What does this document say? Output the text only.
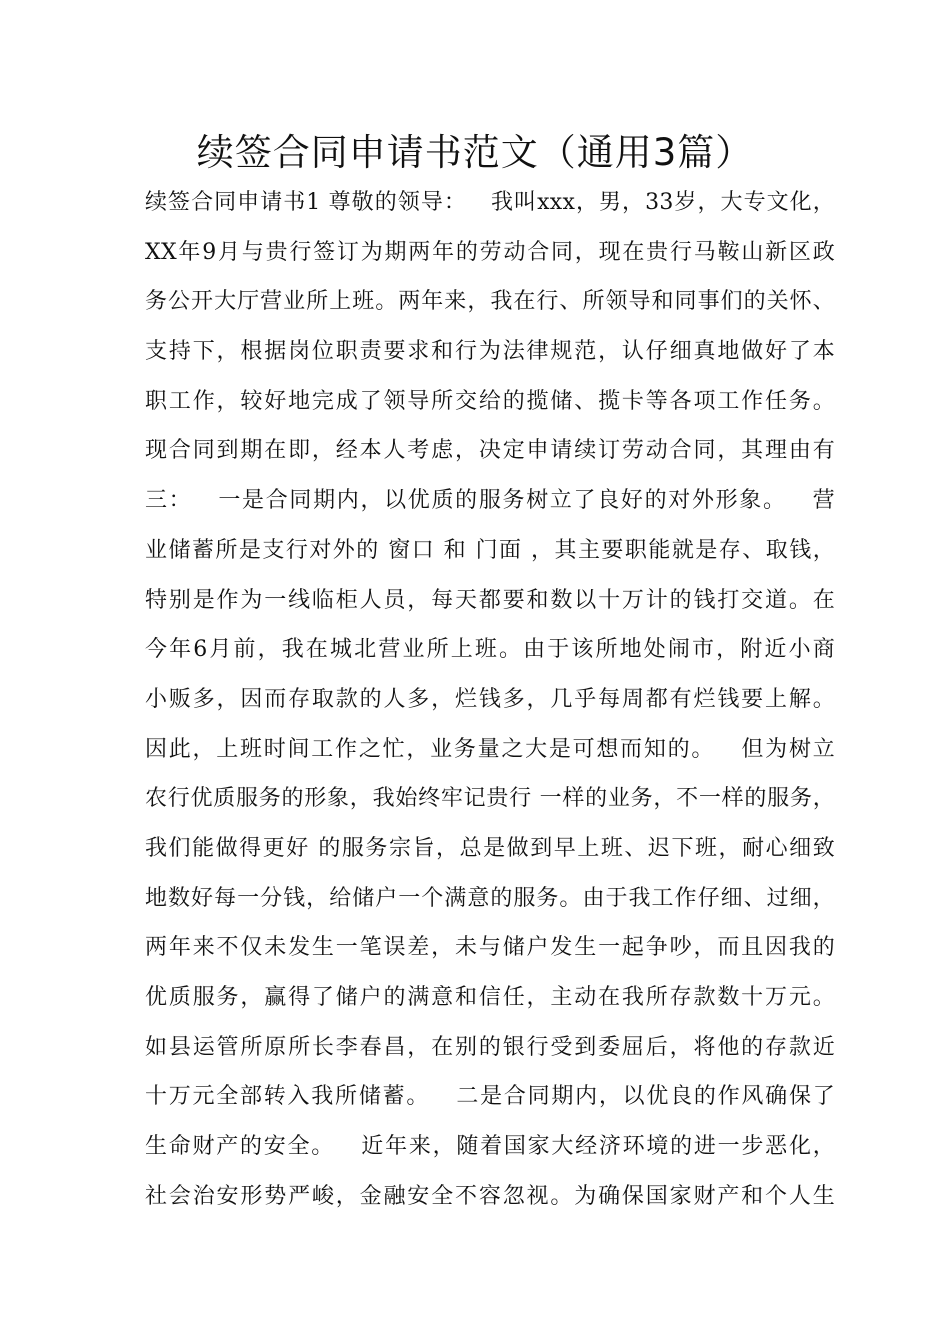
续签合同申请书范文（通用3篇）

续签合同申请书1 尊敬的领导：   我叫xxx，男，33岁，大专文化，

XX年9月与贵行签订为期两年的劳动合同，现在贵行马鞍山新区政

务公开大厅营业所上班。两年来，我在行、所领导和同事们的关怀、

支持下，根据岗位职责要求和行为法律规范，认仔细真地做好了本

职工作，较好地完成了领导所交给的揽储、揽卡等各项工作任务。

现合同到期在即，经本人考虑，决定申请续订劳动合同，其理由有

三：   一是合同期内，以优质的服务树立了良好的对外形象。   营

业储蓄所是支行对外的 窗口 和 门面 ，其主要职能就是存、取钱，

特别是作为一线临柜人员，每天都要和数以十万计的钱打交道。在

今年6月前，我在城北营业所上班。由于该所地处闹市，附近小商

小贩多，因而存取款的人多，烂钱多，几乎每周都有烂钱要上解。

因此，上班时间工作之忙，业务量之大是可想而知的。   但为树立

农行优质服务的形象，我始终牢记贵行 一样的业务，不一样的服务，

我们能做得更好 的服务宗旨，总是做到早上班、迟下班，耐心细致

地数好每一分钱，给储户一个满意的服务。由于我工作仔细、过细，

两年来不仅未发生一笔误差，未与储户发生一起争吵，而且因我的

优质服务，赢得了储户的满意和信任，主动在我所存款数十万元。

如县运管所原所长李春昌，在别的银行受到委屈后，将他的存款近

十万元全部转入我所储蓄。   二是合同期内，以优良的作风确保了

生命财产的安全。   近年来，随着国家大经济环境的进一步恶化，

社会治安形势严峻，金融安全不容忽视。为确保国家财产和个人生
